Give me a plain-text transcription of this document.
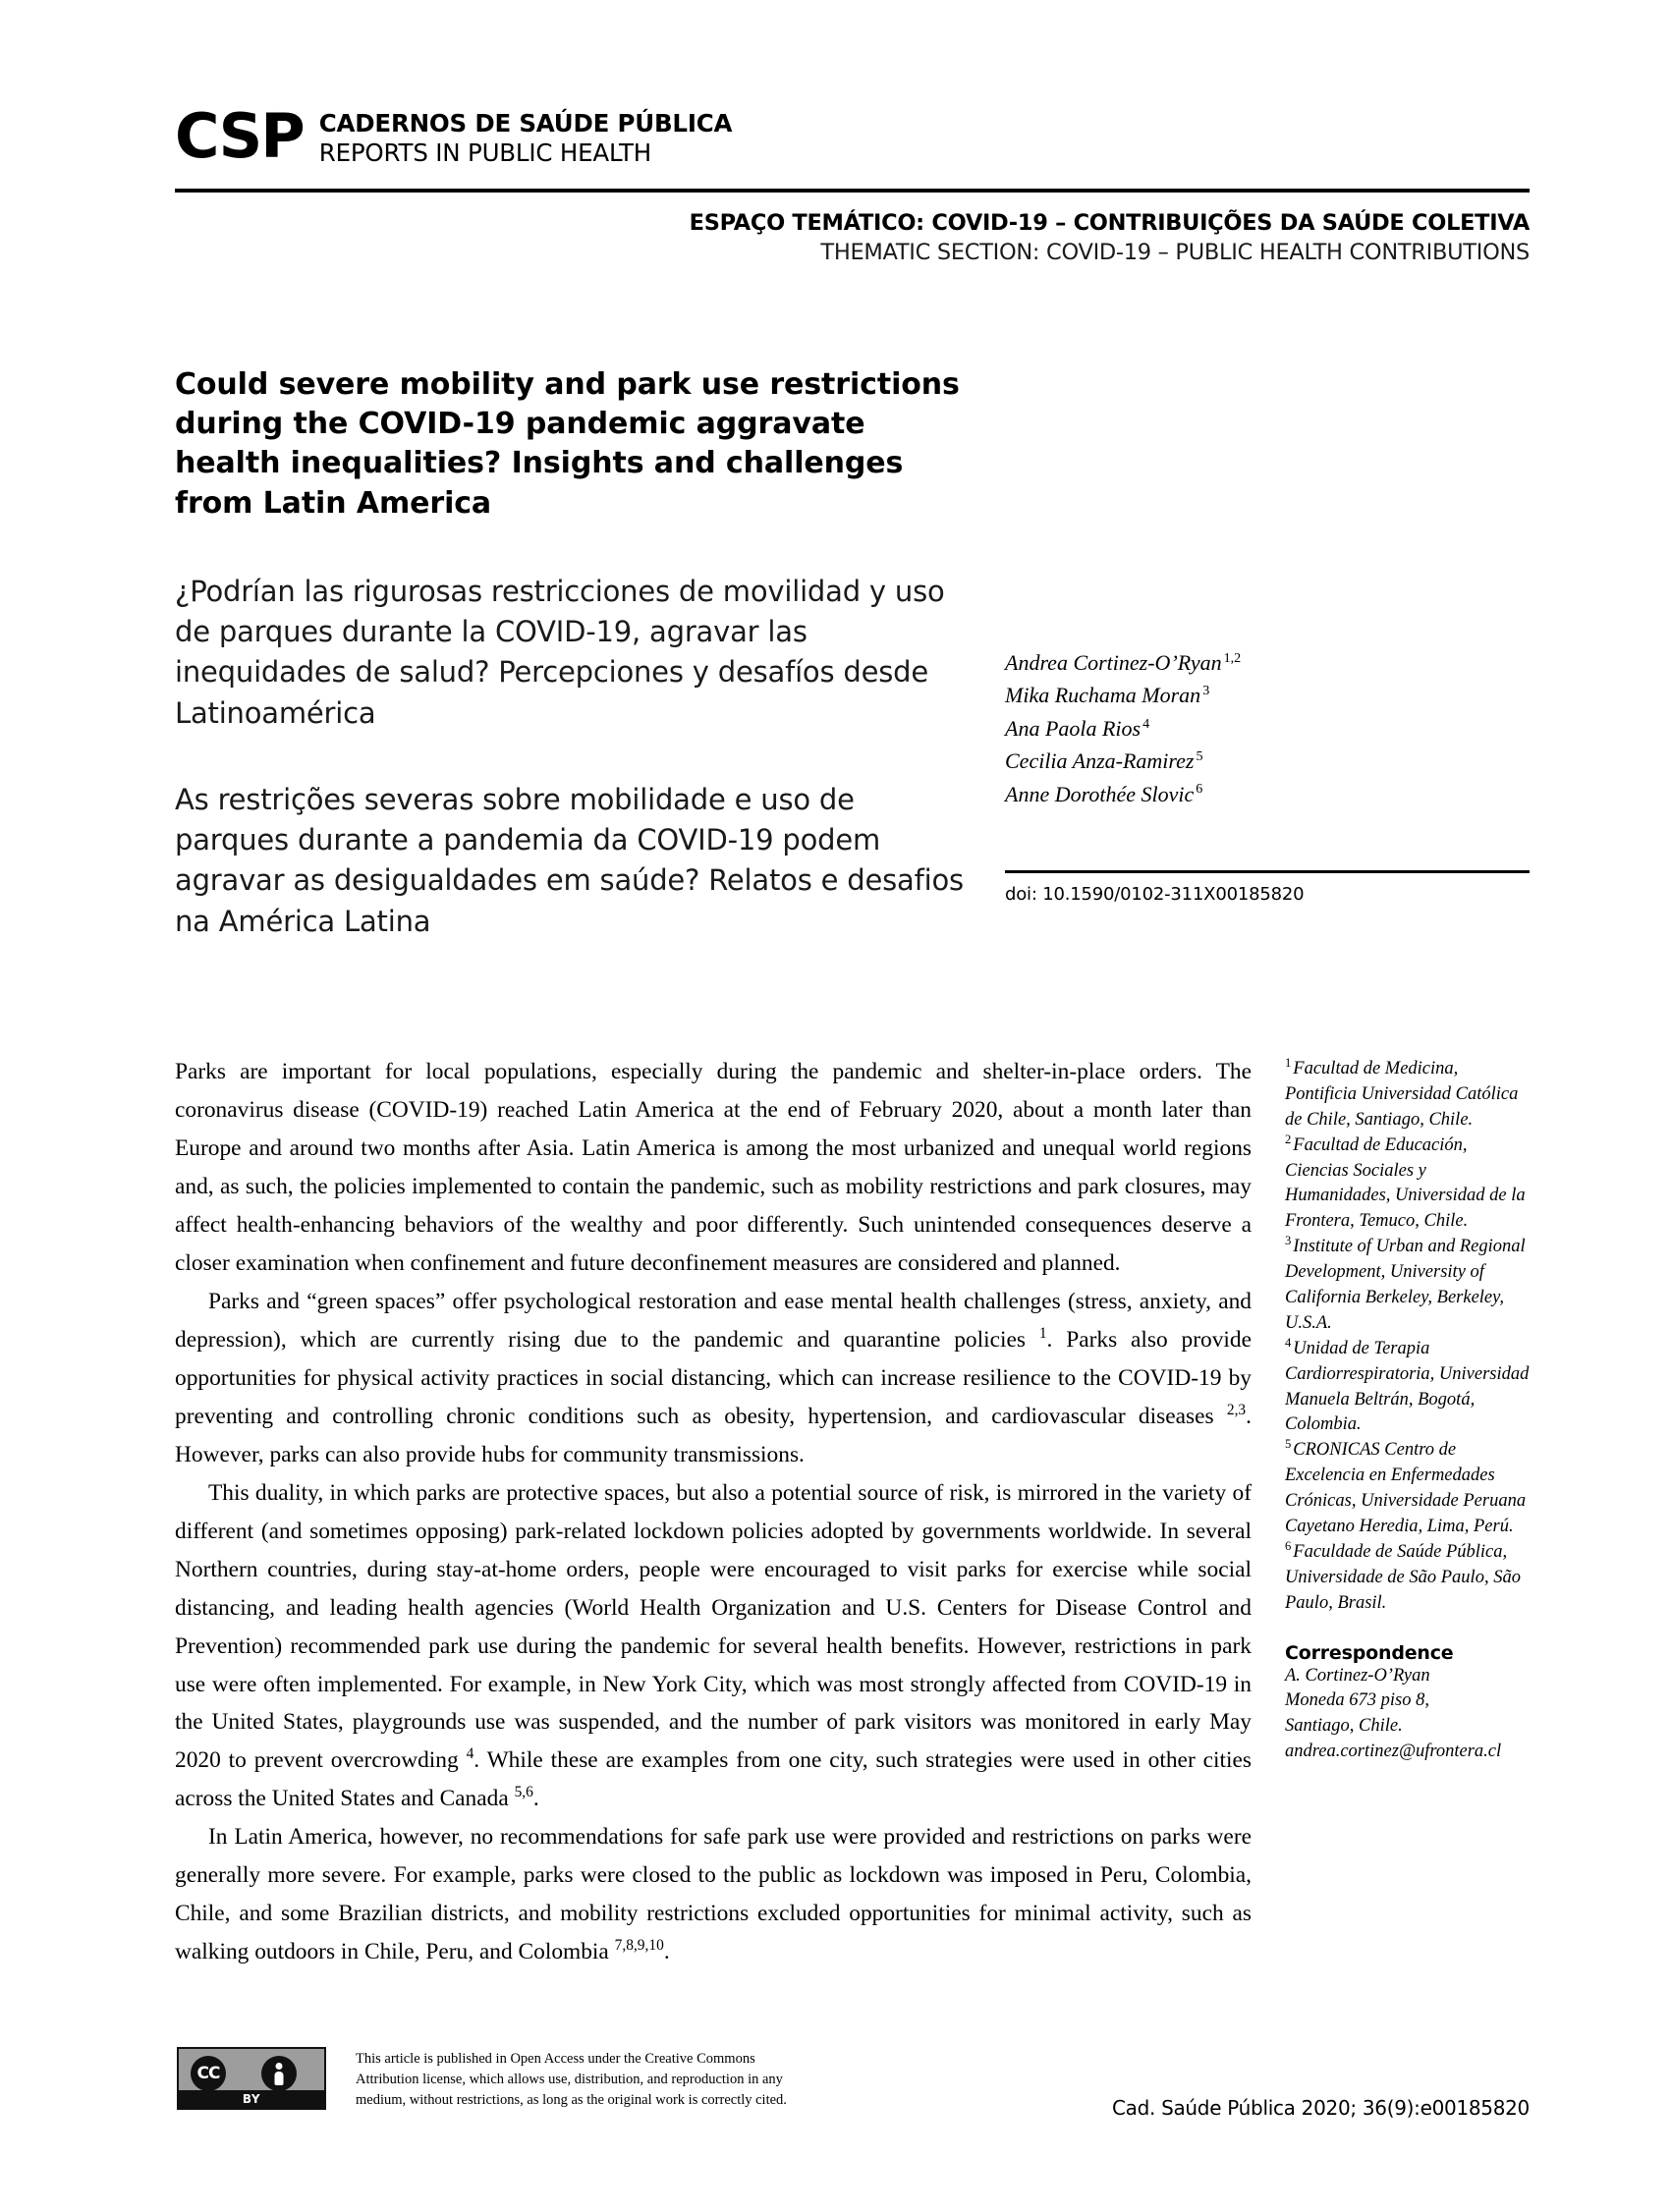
CSP CADERNOS DE SAÚDE PÚBLICA
REPORTS IN PUBLIC HEALTH
ESPAÇO TEMÁTICO: COVID-19 – CONTRIBUIÇÕES DA SAÚDE COLETIVA
THEMATIC SECTION: COVID-19 – PUBLIC HEALTH CONTRIBUTIONS
Could severe mobility and park use restrictions during the COVID-19 pandemic aggravate health inequalities? Insights and challenges from Latin America
¿Podrían las rigurosas restricciones de movilidad y uso de parques durante la COVID-19, agravar las inequidades de salud? Percepciones y desafíos desde Latinoamérica
As restrições severas sobre mobilidade e uso de parques durante a pandemia da COVID-19 podem agravar as desigualdades em saúde? Relatos e desafios na América Latina
Andrea Cortinez-O’Ryan $^{1,2}$
Mika Ruchama Moran $^3$
Ana Paola Rios $^4$
Cecilia Anza-Ramirez $^5$
Anne Dorothée Slovic $^6$
doi: 10.1590/0102-311X00185820

Parks are important for local populations, especially during the pandemic and shelter-in-place orders. The coronavirus disease (COVID-19) reached Latin America at the end of February 2020, about a month later than Europe and around two months after Asia. Latin America is among the most urbanized and unequal world regions and, as such, the policies implemented to contain the pandemic, such as mobility restrictions and park closures, may affect health-enhancing behaviors of the wealthy and poor differently. Such unintended consequences deserve a closer examination when confinement and future deconfinement measures are considered and planned.

Parks and “green spaces” offer psychological restoration and ease mental health challenges (stress, anxiety, and depression), which are currently rising due to the pandemic and quarantine policies $^1$. Parks also provide opportunities for physical activity practices in social distancing, which can increase resilience to the COVID-19 by preventing and controlling chronic conditions such as obesity, hypertension, and cardiovascular diseases $^{2,3}$. However, parks can also provide hubs for community transmissions.

This duality, in which parks are protective spaces, but also a potential source of risk, is mirrored in the variety of different (and sometimes opposing) park-related lockdown policies adopted by governments worldwide. In several Northern countries, during stay-at-home orders, people were encouraged to visit parks for exercise while social distancing, and leading health agencies (World Health Organization and U.S. Centers for Disease Control and Prevention) recommended park use during the pandemic for several health benefits. However, restrictions in park use were often implemented. For example, in New York City, which was most strongly affected from COVID-19 in the United States, playgrounds use was suspended, and the number of park visitors was monitored in early May 2020 to prevent overcrowding $^4$. While these are examples from one city, such strategies were used in other cities across the United States and Canada $^{5,6}$.

In Latin America, however, no recommendations for safe park use were provided and restrictions on parks were generally more severe. For example, parks were closed to the public as lockdown was imposed in Peru, Colombia, Chile, and some Brazilian districts, and mobility restrictions excluded opportunities for minimal activity, such as walking outdoors in Chile, Peru, and Colombia $^{7,8,9,10}$.

$^1$ Facultad de Medicina, Pontificia Universidad Católica de Chile, Santiago, Chile.
$^2$ Facultad de Educación, Ciencias Sociales y Humanidades, Universidad de la Frontera, Temuco, Chile.
$^3$ Institute of Urban and Regional Development, University of California Berkeley, Berkeley, U.S.A.
$^4$ Unidad de Terapia Cardiorrespiratoria, Universidad Manuela Beltrán, Bogotá, Colombia.
$^5$ CRONICAS Centro de Excelencia en Enfermedades Crónicas, Universidade Peruana Cayetano Heredia, Lima, Perú.
$^6$ Faculdade de Saúde Pública, Universidade de São Paulo, São Paulo, Brasil.
Correspondence
A. Cortinez-O’Ryan
Moneda 673 piso 8,
Santiago, Chile.
andrea.cortinez@ufrontera.cl
CC
BY
This article is published in Open Access under the Creative Commons Attribution license, which allows use, distribution, and reproduction in any medium, without restrictions, as long as the original work is correctly cited.	Cad. Saúde Pública 2020; 36(9):e00185820
